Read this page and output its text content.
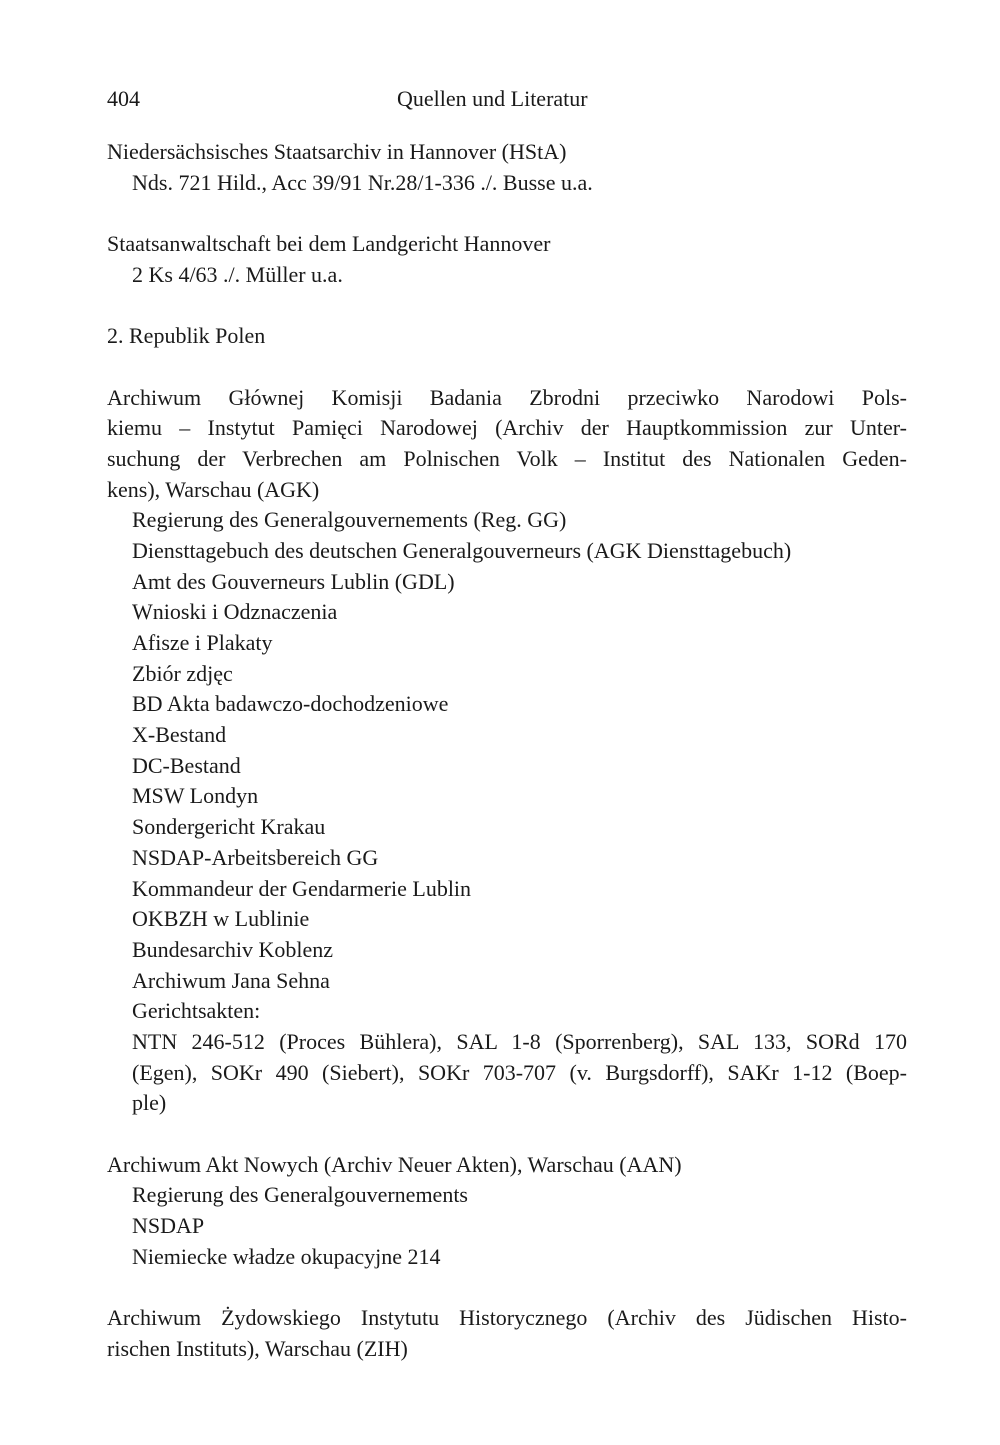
404	Quellen und Literatur
Niedersächsisches Staatsarchiv in Hannover (HStA)
Nds. 721 Hild., Acc 39/91 Nr.28/1-336 ./. Busse u.a.
Staatsanwaltschaft bei dem Landgericht Hannover
2 Ks 4/63 ./. Müller u.a.
2. Republik Polen
Archiwum Głównej Komisji Badania Zbrodni przeciwko Narodowi Pols-
kiemu – Instytut Pamięci Narodowej (Archiv der Hauptkommission zur Unter-
suchung der Verbrechen am Polnischen Volk – Institut des Nationalen Geden-
kens), Warschau (AGK)
Regierung des Generalgouvernements (Reg. GG)
Diensttagebuch des deutschen Generalgouverneurs (AGK Diensttagebuch)
Amt des Gouverneurs Lublin (GDL)
Wnioski i Odznaczenia
Afisze i Plakaty
Zbiór zdjęc
BD Akta badawczo-dochodzeniowe
X-Bestand
DC-Bestand
MSW Londyn
Sondergericht Krakau
NSDAP-Arbeitsbereich GG
Kommandeur der Gendarmerie Lublin
OKBZH w Lublinie
Bundesarchiv Koblenz
Archiwum Jana Sehna
Gerichtsakten:
NTN 246-512 (Proces Bühlera), SAL 1-8 (Sporrenberg), SAL 133, SORd 170
(Egen), SOKr 490 (Siebert), SOKr 703-707 (v. Burgsdorff), SAKr 1-12 (Boep-
ple)
Archiwum Akt Nowych (Archiv Neuer Akten), Warschau (AAN)
Regierung des Generalgouvernements
NSDAP
Niemiecke władze okupacyjne 214
Archiwum Żydowskiego Instytutu Historycznego (Archiv des Jüdischen Histo-
rischen Instituts), Warschau (ZIH)
